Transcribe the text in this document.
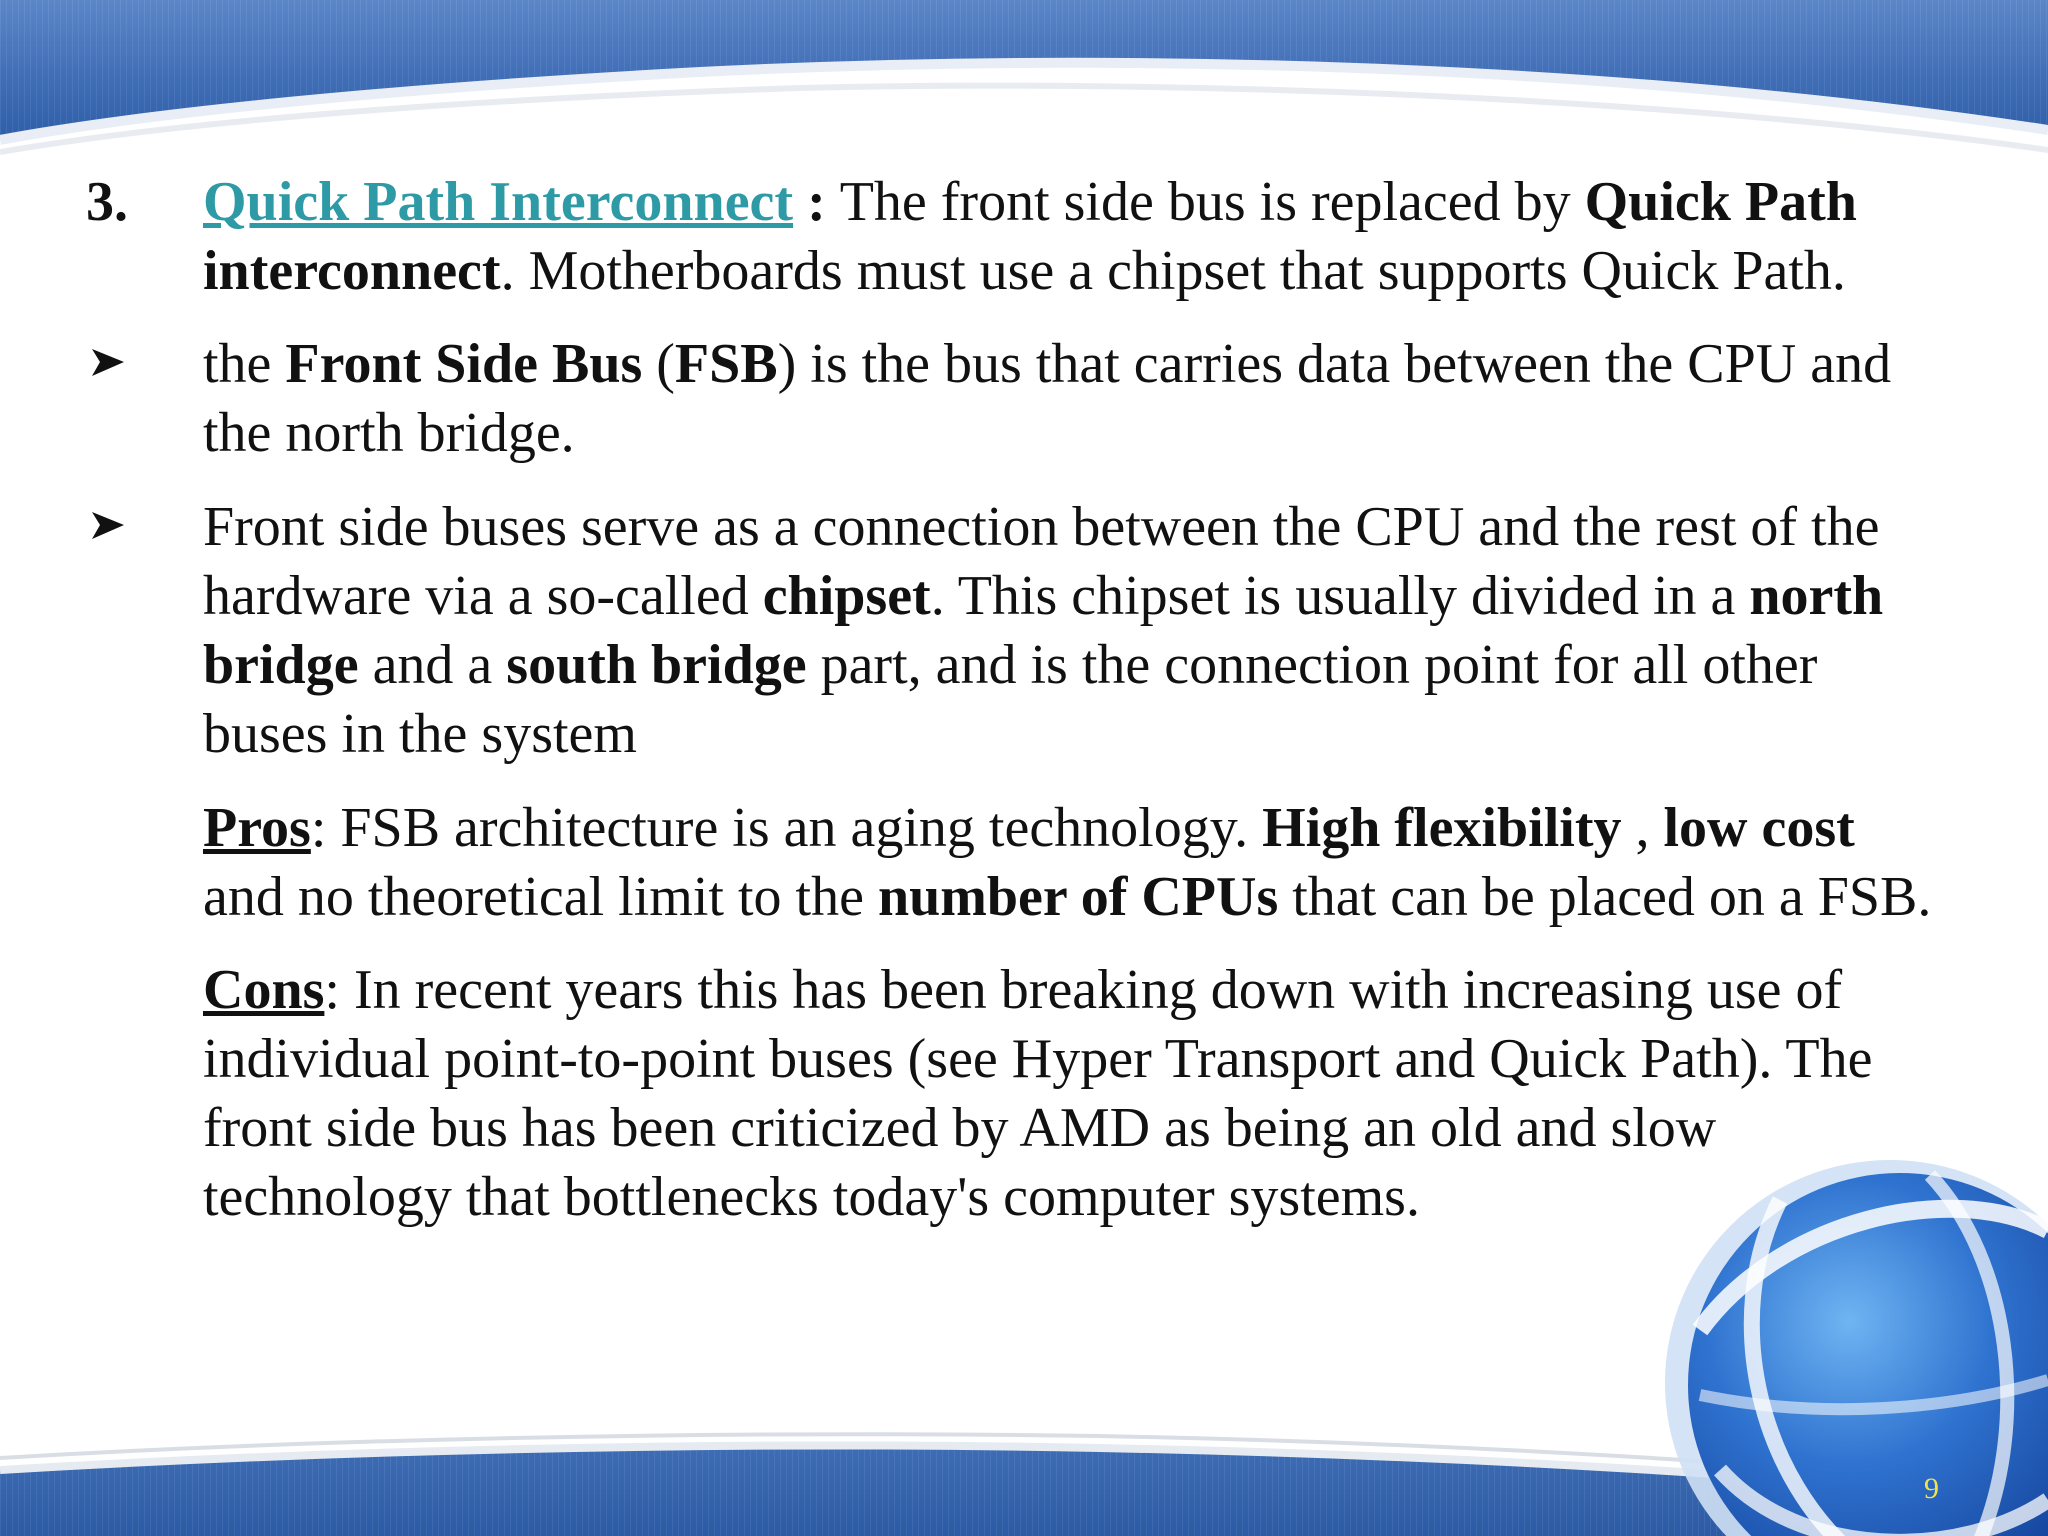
3. Quick Path Interconnect : The front side bus is replaced by Quick Path
interconnect. Motherboards must use a chipset that supports Quick Path.
the Front Side Bus (FSB) is the bus that carries data between the CPU and
the north bridge.
Front side buses serve as a connection between the CPU and the rest of the
hardware via a so-called chipset. This chipset is usually divided in a north
bridge and a south bridge part, and is the connection point for all other
buses in the system
Pros: FSB architecture is an aging technology. High flexibility , low cost
and no theoretical limit to the number of CPUs that can be placed on a FSB.
Cons: In recent years this has been breaking down with increasing use of
individual point-to-point buses (see Hyper Transport and Quick Path). The
front side bus has been criticized by AMD as being an old and slow
technology that bottlenecks today's computer systems.
9
